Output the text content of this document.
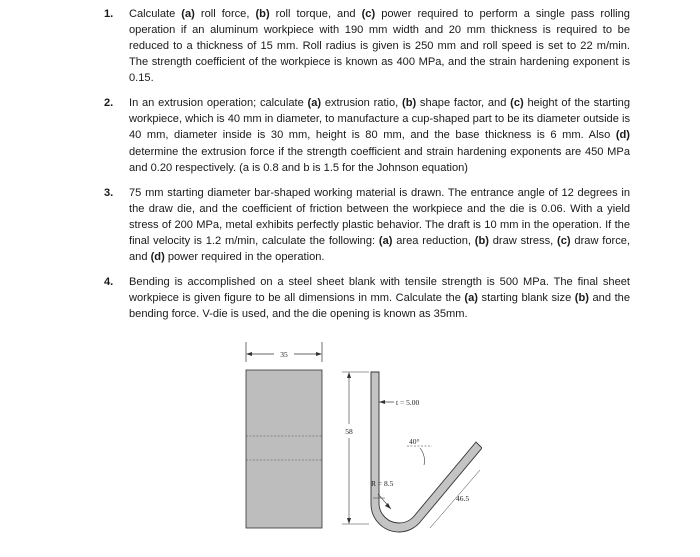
1. Calculate (a) roll force, (b) roll torque, and (c) power required to perform a single pass rolling operation if an aluminum workpiece with 190 mm width and 20 mm thickness is required to be reduced to a thickness of 15 mm. Roll radius is given is 250 mm and roll speed is set to 22 m/min. The strength coefficient of the workpiece is known as 400 MPa, and the strain hardening exponent is 0.15.
2. In an extrusion operation; calculate (a) extrusion ratio, (b) shape factor, and (c) height of the starting workpiece, which is 40 mm in diameter, to manufacture a cup-shaped part to be its diameter outside is 40 mm, diameter inside is 30 mm, height is 80 mm, and the base thickness is 6 mm. Also (d) determine the extrusion force if the strength coefficient and strain hardening exponents are 450 MPa and 0.20 respectively. (a is 0.8 and b is 1.5 for the Johnson equation)
3. 75 mm starting diameter bar-shaped working material is drawn. The entrance angle of 12 degrees in the draw die, and the coefficient of friction between the workpiece and the die is 0.06. With a yield stress of 200 MPa, metal exhibits perfectly plastic behavior. The draft is 10 mm in the operation. If the final velocity is 1.2 m/min, calculate the following: (a) area reduction, (b) draw stress, (c) draw force, and (d) power required in the operation.
4. Bending is accomplished on a steel sheet blank with tensile strength is 500 MPa. The final sheet workpiece is given figure to be all dimensions in mm. Calculate the (a) starting blank size (b) and the bending force. V-die is used, and the die opening is known as 35mm.
35
t = 5.00
58
40°
R = 8.5
46.5
